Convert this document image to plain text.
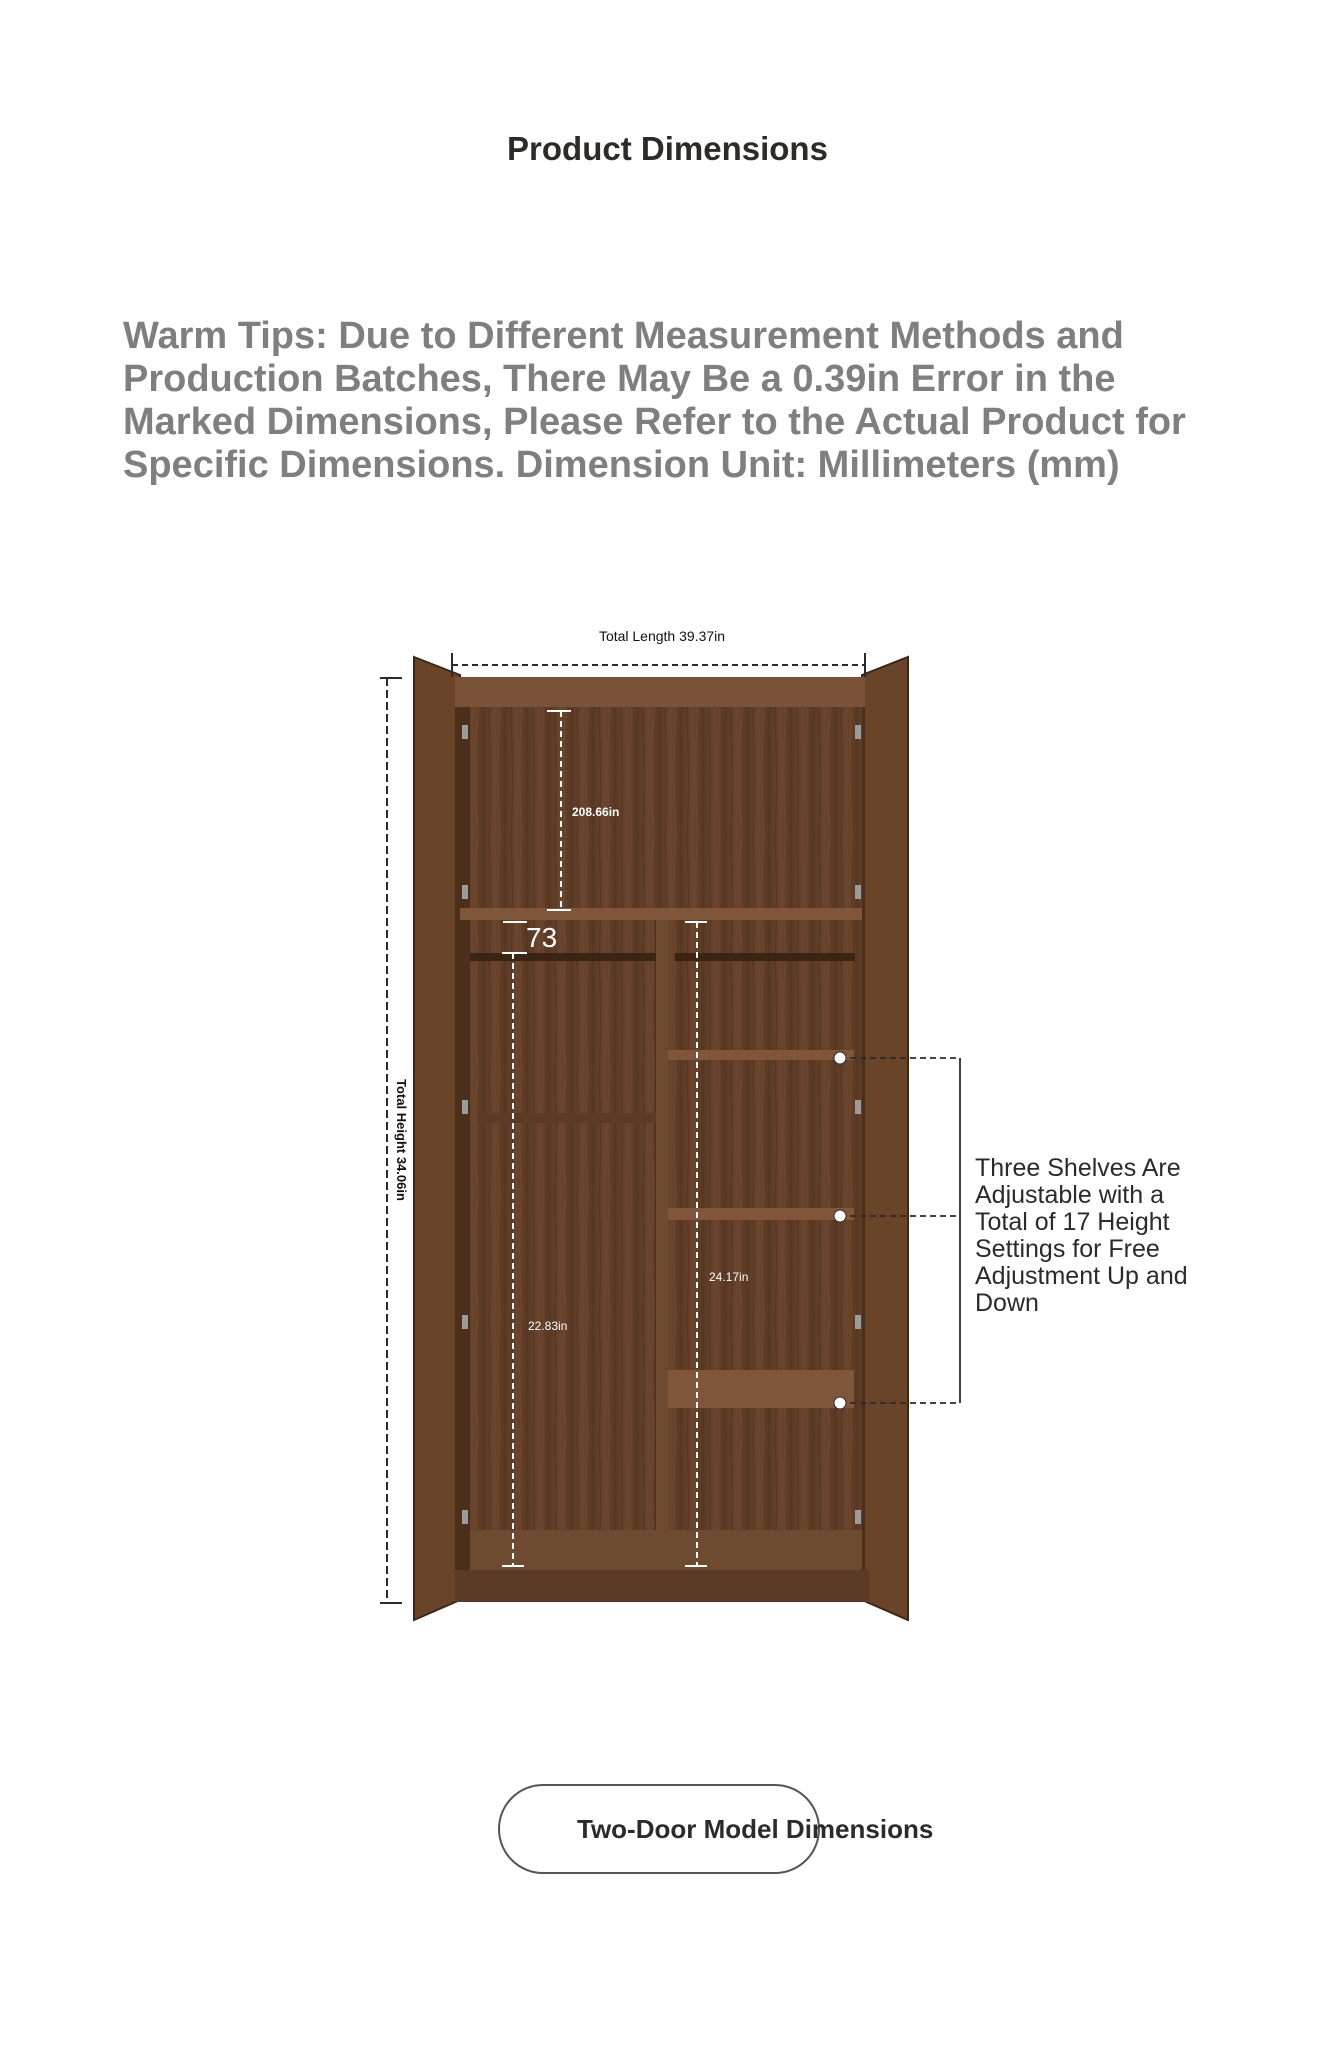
Product Dimensions
Warm Tips: Due to Different Measurement Methods and Production Batches, There May Be a 0.39in Error in the Marked Dimensions, Please Refer to the Actual Product for Specific Dimensions. Dimension Unit: Millimeters (mm)
Total Length 39.37in
Total Height 34.06in
208.66in
73
22.83in
24.17in
Three Shelves Are Adjustable with a Total of 17 Height Settings for Free Adjustment Up and Down
Two-Door Model Dimensions
